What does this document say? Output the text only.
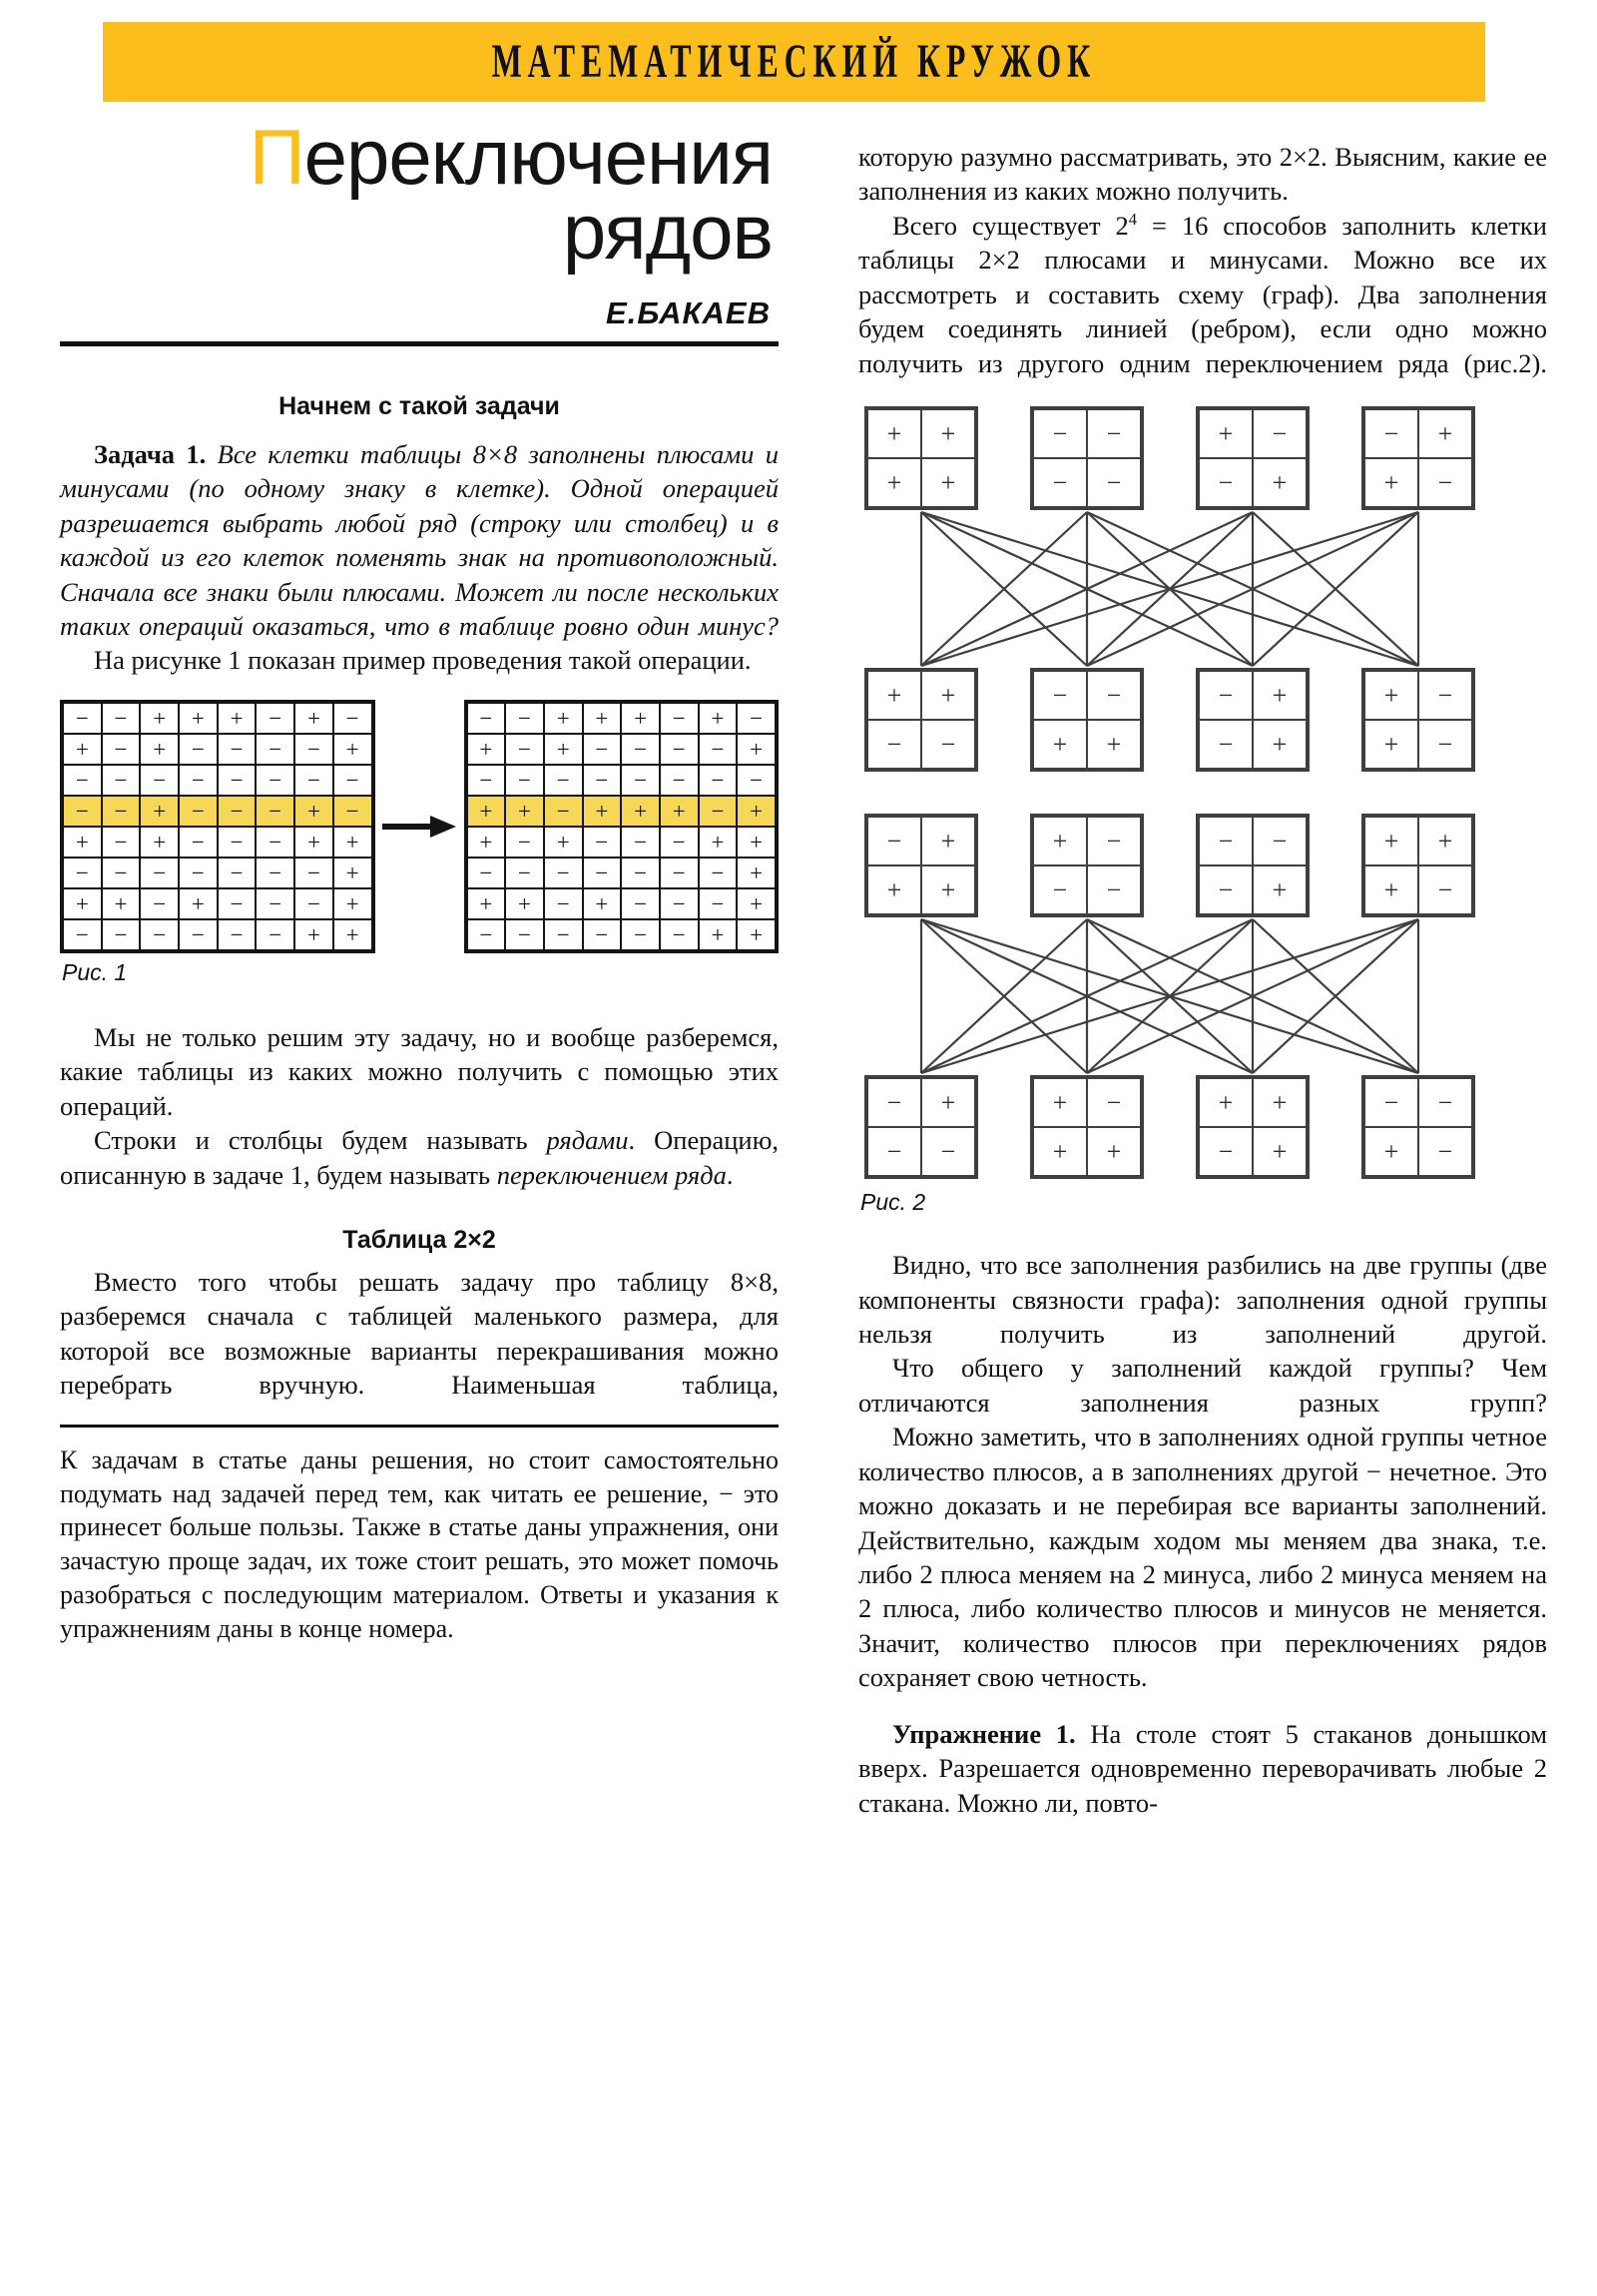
МАТЕМАТИЧЕСКИЙ КРУЖОК
Переключения
рядов
Е.БАКАЕВ
Начнем с такой задачи

Задача 1. Все клетки таблицы 8×8 заполнены плюсами и минусами (по одному знаку в клетке). Одной операцией разрешается выбрать любой ряд (строку или столбец) и в каждой из его клеток поменять знак на противоположный. Сначала все знаки были плюсами. Может ли после нескольких таких операций оказаться, что в таблице ровно один минус?

На рисунке 1 показан пример проведения такой операции.

−	−	+	+	+	−	+	−
+	−	+	−	−	−	−	+
−	−	−	−	−	−	−	−
−	−	+	−	−	−	+	−
+	−	+	−	−	−	+	+
−	−	−	−	−	−	−	+
+	+	−	+	−	−	−	+
−	−	−	−	−	−	+	+
−	−	+	+	+	−	+	−
+	−	+	−	−	−	−	+
−	−	−	−	−	−	−	−
+	+	−	+	+	+	−	+
+	−	+	−	−	−	+	+
−	−	−	−	−	−	−	+
+	+	−	+	−	−	−	+
−	−	−	−	−	−	+	+
Рис. 1

Мы не только решим эту задачу, но и вообще разберемся, какие таблицы из каких можно получить с помощью этих операций.

Строки и столбцы будем называть рядами. Операцию, описанную в задаче 1, будем называть переключением ряда.

Таблица 2×2

Вместо того чтобы решать задачу про таблицу 8×8, разберемся сначала с таблицей маленького размера, для которой все возможные варианты перекрашивания можно перебрать вручную. Наименьшая таблица,

К задачам в статье даны решения, но стоит самостоятельно подумать над задачей перед тем, как читать ее решение, − это принесет больше пользы. Также в статье даны упражнения, они зачастую проще задач, их тоже стоит решать, это может помочь разобраться с последующим материалом. Ответы и указания к упражнениям даны в конце номера.

которую разумно рассматривать, это 2×2. Выясним, какие ее заполнения из каких можно получить.

Всего существует $2^4 = 16$ способов заполнить клетки таблицы 2×2 плюсами и минусами. Можно все их рассмотреть и составить схему (граф). Два заполнения будем соединять линией (ребром), если одно можно получить из другого одним переключением ряда (рис.2).

+	+
+	+
−	−
−	−
+	−
−	+
−	+
+	−
+	+
−	−
−	−
+	+
−	+
−	+
+	−
+	−
−	+
+	+
+	−
−	−
−	−
−	+
+	+
+	−
−	+
−	−
+	−
+	+
+	+
−	+
−	−
+	−
Рис. 2

Видно, что все заполнения разбились на две группы (две компоненты связности графа): заполнения одной группы нельзя получить из заполнений другой.

Что общего у заполнений каждой группы? Чем отличаются заполнения разных групп?

Можно заметить, что в заполнениях одной группы четное количество плюсов, а в заполнениях другой − нечетное. Это можно доказать и не перебирая все варианты заполнений. Действительно, каждым ходом мы меняем два знака, т.е. либо 2 плюса меняем на 2 минуса, либо 2 минуса меняем на 2 плюса, либо количество плюсов и минусов не меняется. Значит, количество плюсов при переключениях рядов сохраняет свою четность.

Упражнение 1. На столе стоят 5 стаканов донышком вверх. Разрешается одновременно переворачивать любые 2 стакана. Можно ли, повто-
